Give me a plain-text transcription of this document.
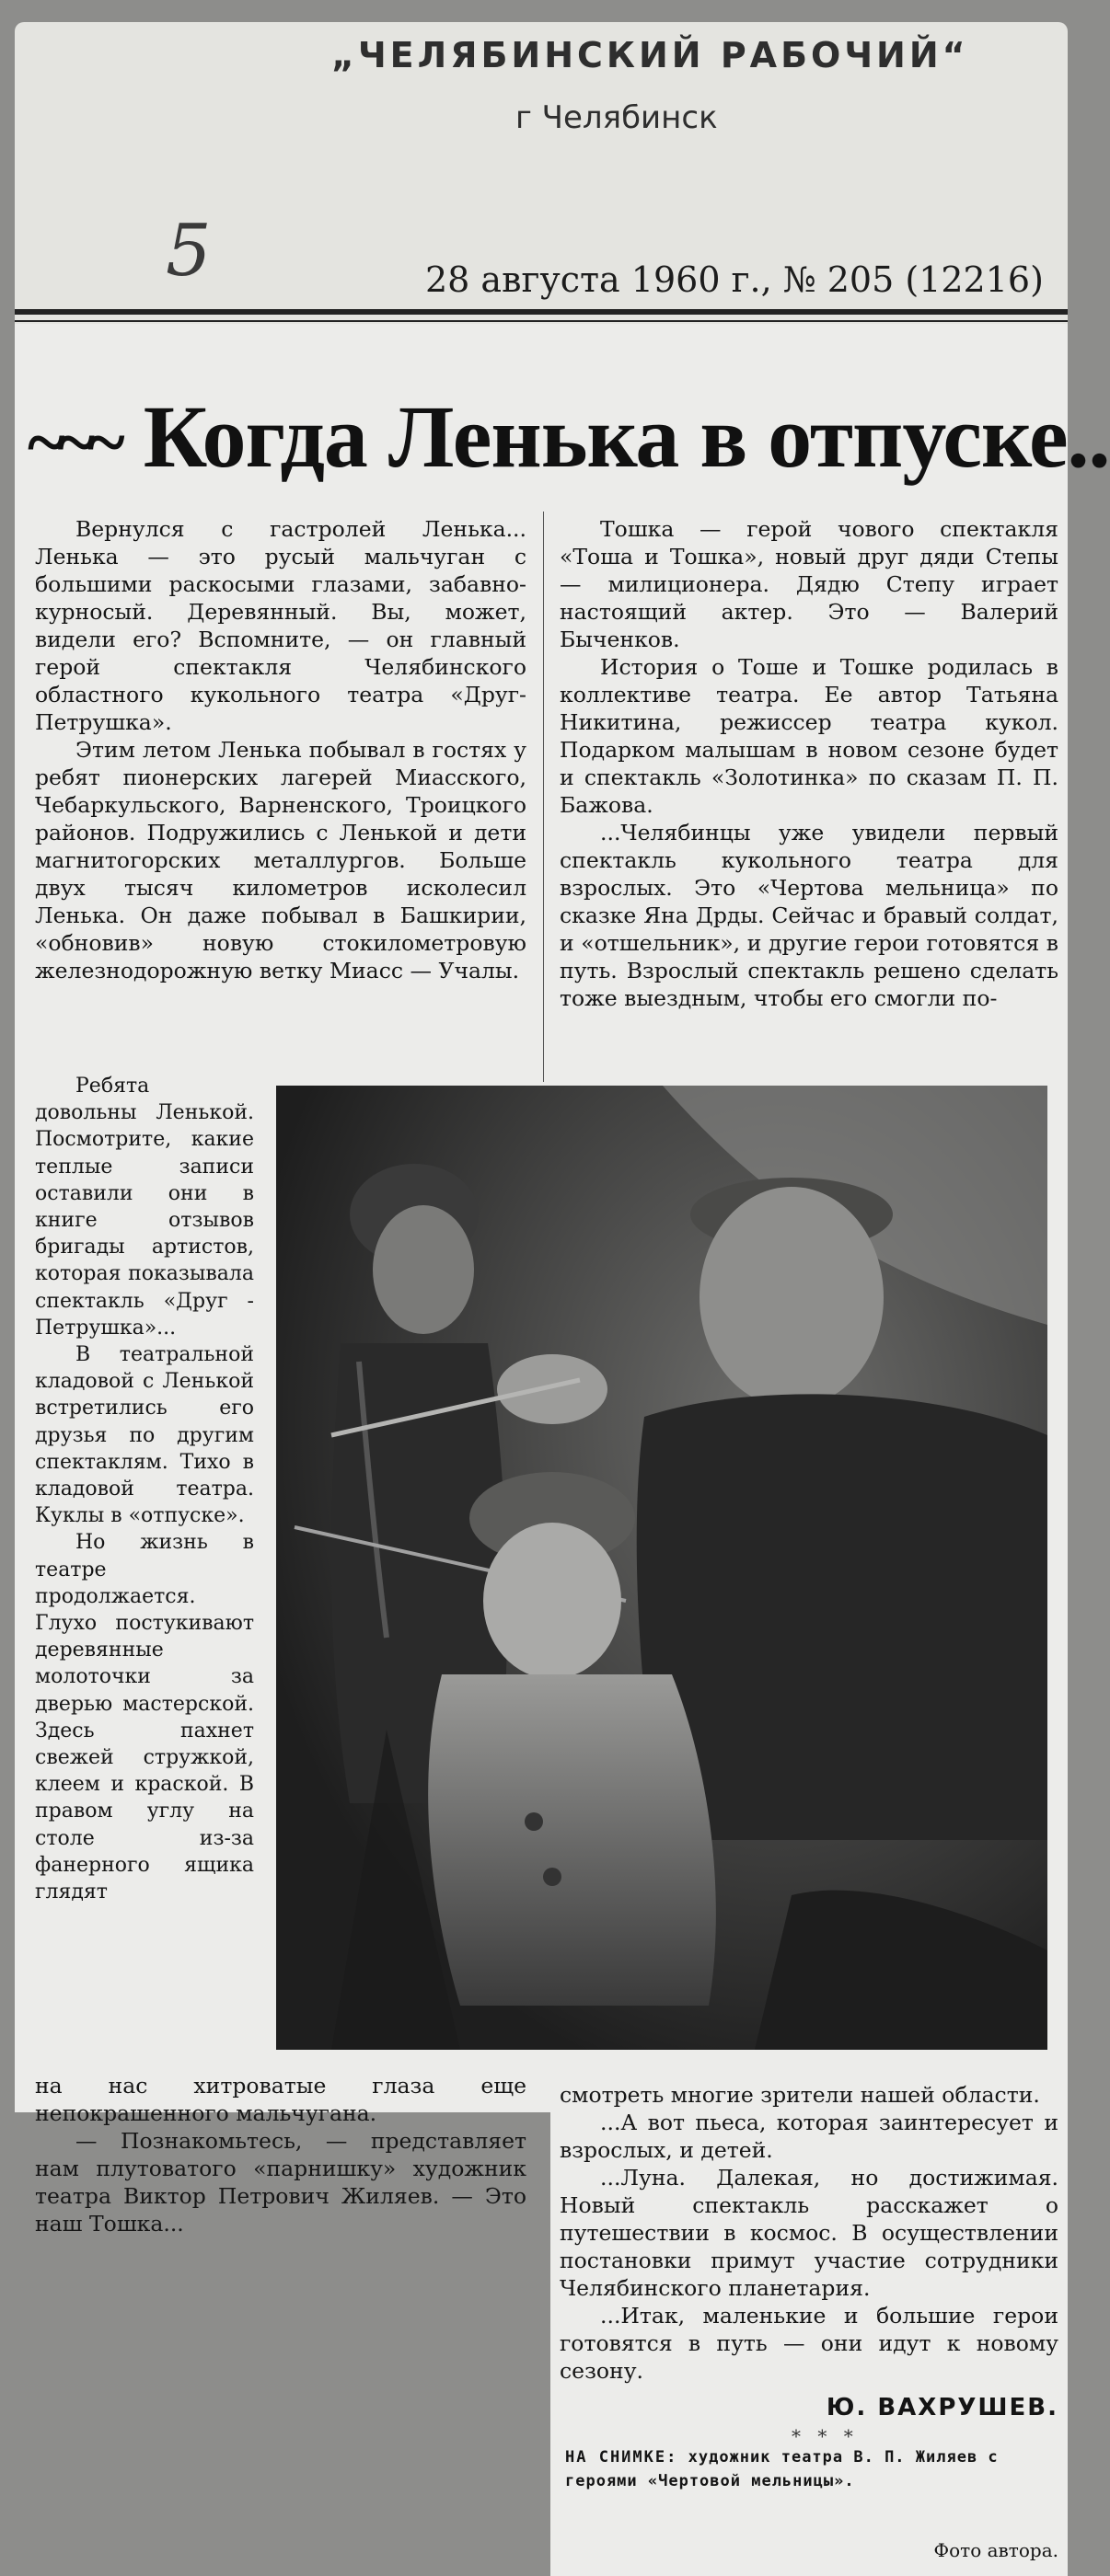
„ЧЕЛЯБИНСКИЙ РАБОЧИЙ“
г Челябинск
5	28 августа 1960 г., № 205 (12216)
~~~ Когда Ленька в отпуске..

Вернулся с гастролей Ленька... Ленька — это русый мальчуган с большими раскосыми глазами, забавно-курносый. Деревянный. Вы, может, видели его? Вспомните, — он главный герой спектакля Челябинского областного кукольного театра «Друг-Петрушка».

Этим летом Ленька побывал в гостях у ребят пионерских лагерей Миасского, Чебаркульского, Варненского, Троицкого районов. Подружились с Ленькой и дети магнитогорских металлургов. Больше двух тысяч километров исколесил Ленька. Он даже побывал в Башкирии, «обновив» новую стокилометровую железнодорожную ветку Миасс — Учалы.

Ребята довольны Ленькой. Посмотрите, какие теплые записи оставили они в книге отзывов бригады артистов, которая показывала спектакль «Друг - Петрушка»...

В театральной кладовой с Ленькой встретились его друзья по другим спектаклям. Тихо в кладовой театра. Куклы в «отпуске».

Но жизнь в театре продолжается. Глухо постукивают деревянные молоточки за дверью мастерской. Здесь пахнет свежей стружкой, клеем и краской. В правом углу на столе из-за фанерного ящика глядят

на нас хитроватые глаза еще непокрашенного мальчугана.

— Познакомьтесь, — представляет нам плутоватого «парнишку» художник театра Виктор Петрович Жиляев. — Это наш Тошка...

Тошка — герой чового спектакля «Тоша и Тошка», новый друг дяди Степы — милиционера. Дядю Степу играет настоящий актер. Это — Валерий Быченков.

История о Тоше и Тошке родилась в коллективе театра. Ее автор Татьяна Никитина, режиссер театра кукол. Подарком малышам в новом сезоне будет и спектакль «Золотинка» по сказам П. П. Бажова.

...Челябинцы уже увидели первый спектакль кукольного театра для взрослых. Это «Чертова мельница» по сказке Яна Дрды. Сейчас и бравый солдат, и «отшельник», и другие герои готовятся в путь. Взрослый спектакль решено сделать тоже выездным, чтобы его смогли по-

смотреть многие зрители нашей области.

...А вот пьеса, которая заинтересует и взрослых, и детей.

...Луна. Далекая, но достижимая. Новый спектакль расскажет о путешествии в космос. В осуществлении постановки примут участие сотрудники Челябинского планетария.

...Итак, маленькие и большие герои готовятся в путь — они идут к новому сезону.

Ю. ВАХРУШЕВ.
* * *
НА СНИМКЕ: художник театра В. П. Жиляев с героями «Чертовой мельницы».
Фото автора.
